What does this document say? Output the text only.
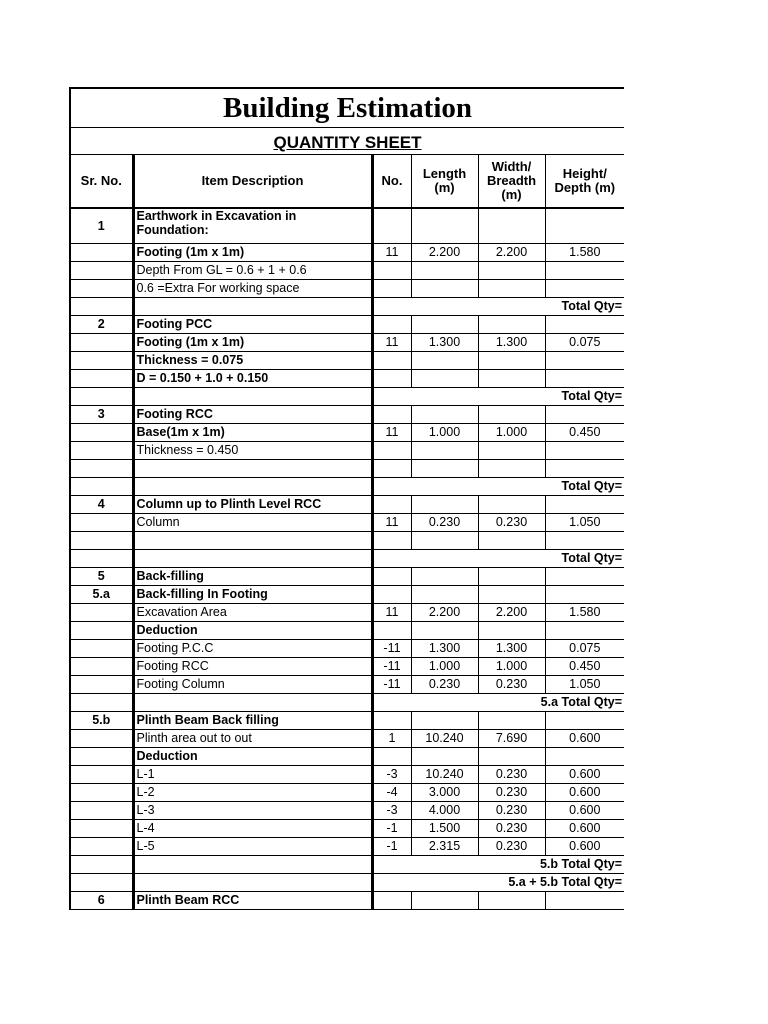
Building Estimation					
QUANTITY SHEET					
Sr. No.	Item Description	No.	Length (m)	Width/ Breadth (m)	Height/ Depth (m)
1	Earthwork in Excavation in Foundation:				
	Footing (1m x 1m)	11	2.200	2.200	1.580
	Depth From GL = 0.6 + 1 + 0.6				
	0.6 =Extra For working space				
		Total Qty=			
2	Footing PCC				
	Footing (1m x 1m)	11	1.300	1.300	0.075
	Thickness = 0.075				
	D = 0.150 + 1.0 + 0.150				
		Total Qty=			
3	Footing RCC				
	Base(1m x 1m)	11	1.000	1.000	0.450
	Thickness = 0.450				

		Total Qty=			
4	Column up to Plinth Level RCC				
	Column	11	0.230	0.230	1.050

		Total Qty=			
5	Back-filling				
5.a	Back-filling In Footing				
	Excavation Area	11	2.200	2.200	1.580
	Deduction				
	Footing P.C.C	-11	1.300	1.300	0.075
	Footing RCC	-11	1.000	1.000	0.450
	Footing Column	-11	0.230	0.230	1.050
		5.a Total Qty=			
5.b	Plinth Beam Back filling				
	Plinth area out to out	1	10.240	7.690	0.600
	Deduction				
	L-1	-3	10.240	0.230	0.600
	L-2	-4	3.000	0.230	0.600
	L-3	-3	4.000	0.230	0.600
	L-4	-1	1.500	0.230	0.600
	L-5	-1	2.315	0.230	0.600
		5.b Total Qty=			
		5.a + 5.b Total Qty=			
6	Plinth Beam RCC				
